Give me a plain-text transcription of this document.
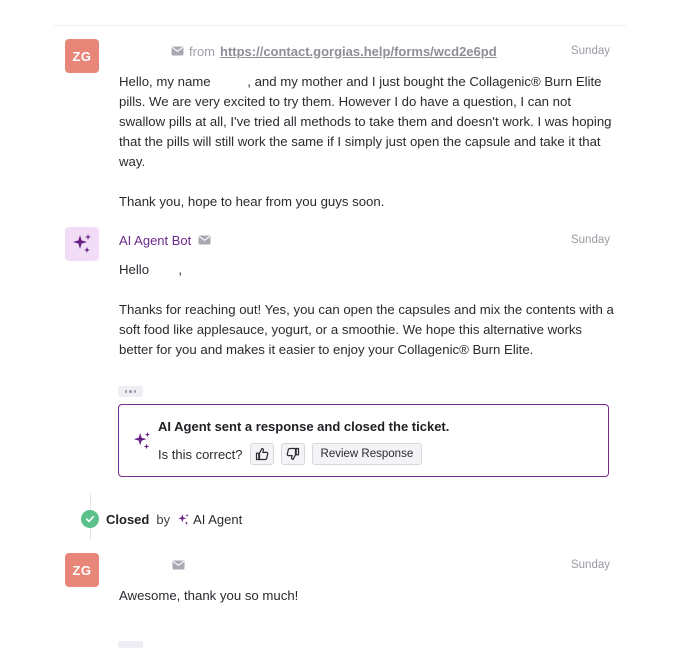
ZG	from https://contact.gorgias.help/forms/wcd2e6pd	Sunday
Hello, my name          , and my mother and I just bought the Collagenic® Burn Elite pills. We are very excited to try them. However I do have a question, I can not swallow pills at all, I've tried all methods to take them and doesn't work. I was hoping that the pills will still work the same if I simply just open the capsule and take it that way.

Thank you, hope to hear from you guys soon.
AI Agent Bot	Sunday
Hello        ,

Thanks for reaching out! Yes, you can open the capsules and mix the contents with a soft food like applesauce, yogurt, or a smoothie. We hope this alternative works better for you and makes it easier to enjoy your Collagenic® Burn Elite.
AI Agent sent a response and closed the ticket.
Is this correct?	Review Response
Closed by AI Agent
ZG	Sunday
Awesome, thank you so much!
